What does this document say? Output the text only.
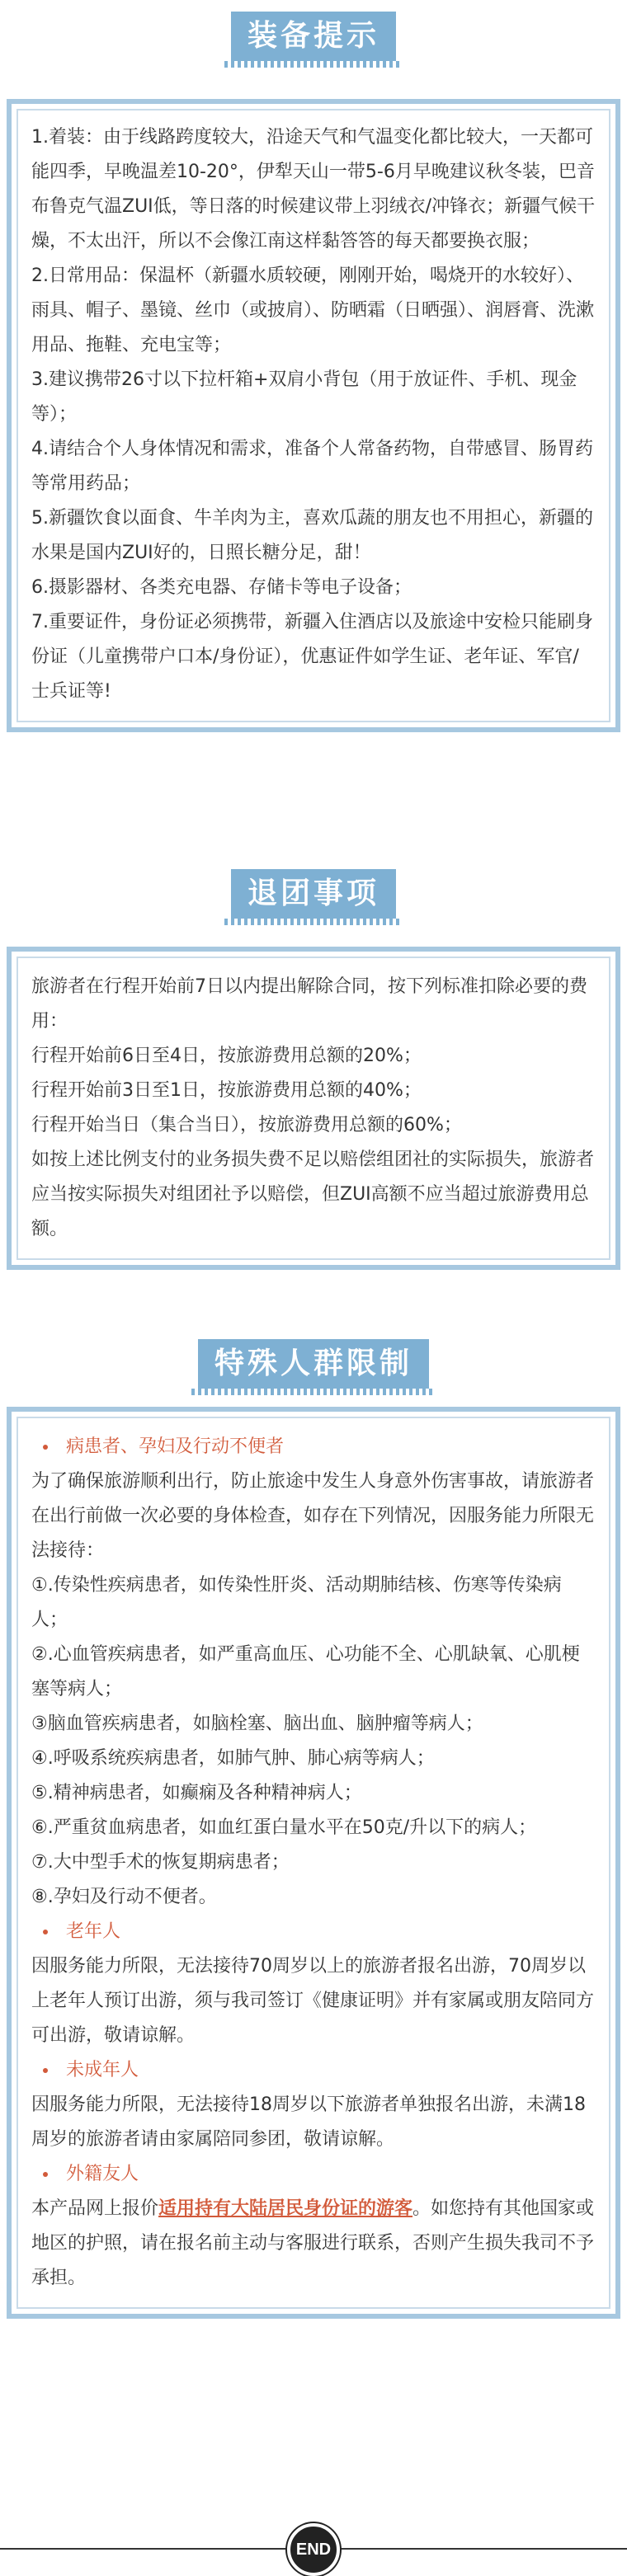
装备提示

1.着装：由于线路跨度较大，沿途天气和气温变化都比较大，一天都可能四季，早晚温差10-20°，伊犁天山一带5-6月早晚建议秋冬装，巴音布鲁克气温ZUI低，等日落的时候建议带上羽绒衣/冲锋衣；新疆气候干燥，不太出汗，所以不会像江南这样黏答答的每天都要换衣服；

2.日常用品：保温杯（新疆水质较硬，刚刚开始，喝烧开的水较好）、雨具、帽子、墨镜、丝巾（或披肩）、防晒霜（日晒强）、润唇膏、洗漱用品、拖鞋、充电宝等；

3.建议携带26寸以下拉杆箱+双肩小背包（用于放证件、手机、现金等）；

4.请结合个人身体情况和需求，准备个人常备药物，自带感冒、肠胃药等常用药品；

5.新疆饮食以面食、牛羊肉为主，喜欢瓜蔬的朋友也不用担心，新疆的水果是国内ZUI好的，日照长糖分足，甜！

6.摄影器材、各类充电器、存储卡等电子设备；

7.重要证件，身份证必须携带，新疆入住酒店以及旅途中安检只能刷身份证（儿童携带户口本/身份证），优惠证件如学生证、老年证、军官/士兵证等!

退团事项

旅游者在行程开始前7日以内提出解除合同，按下列标准扣除必要的费用：

行程开始前6日至4日，按旅游费用总额的20%；

行程开始前3日至1日，按旅游费用总额的40%；

行程开始当日（集合当日），按旅游费用总额的60%；

如按上述比例支付的业务损失费不足以赔偿组团社的实际损失，旅游者应当按实际损失对组团社予以赔偿，但ZUI高额不应当超过旅游费用总额。

特殊人群限制
病患者、孕妇及行动不便者

为了确保旅游顺利出行，防止旅途中发生人身意外伤害事故，请旅游者在出行前做一次必要的身体检查，如存在下列情况，因服务能力所限无法接待：

①.传染性疾病患者，如传染性肝炎、活动期肺结核、伤寒等传染病人；

②.心血管疾病患者，如严重高血压、心功能不全、心肌缺氧、心肌梗塞等病人；

③脑血管疾病患者，如脑栓塞、脑出血、脑肿瘤等病人；

④.呼吸系统疾病患者，如肺气肿、肺心病等病人；

⑤.精神病患者，如癫痫及各种精神病人；

⑥.严重贫血病患者，如血红蛋白量水平在50克/升以下的病人；

⑦.大中型手术的恢复期病患者；

⑧.孕妇及行动不便者。

老年人

因服务能力所限，无法接待70周岁以上的旅游者报名出游，70周岁以上老年人预订出游，须与我司签订《健康证明》并有家属或朋友陪同方可出游，敬请谅解。

未成年人

因服务能力所限，无法接待18周岁以下旅游者单独报名出游，未满18周岁的旅游者请由家属陪同参团，敬请谅解。

外籍友人

本产品网上报价适用持有大陆居民身份证的游客。如您持有其他国家或地区的护照，请在报名前主动与客服进行联系，否则产生损失我司不予承担。

END
